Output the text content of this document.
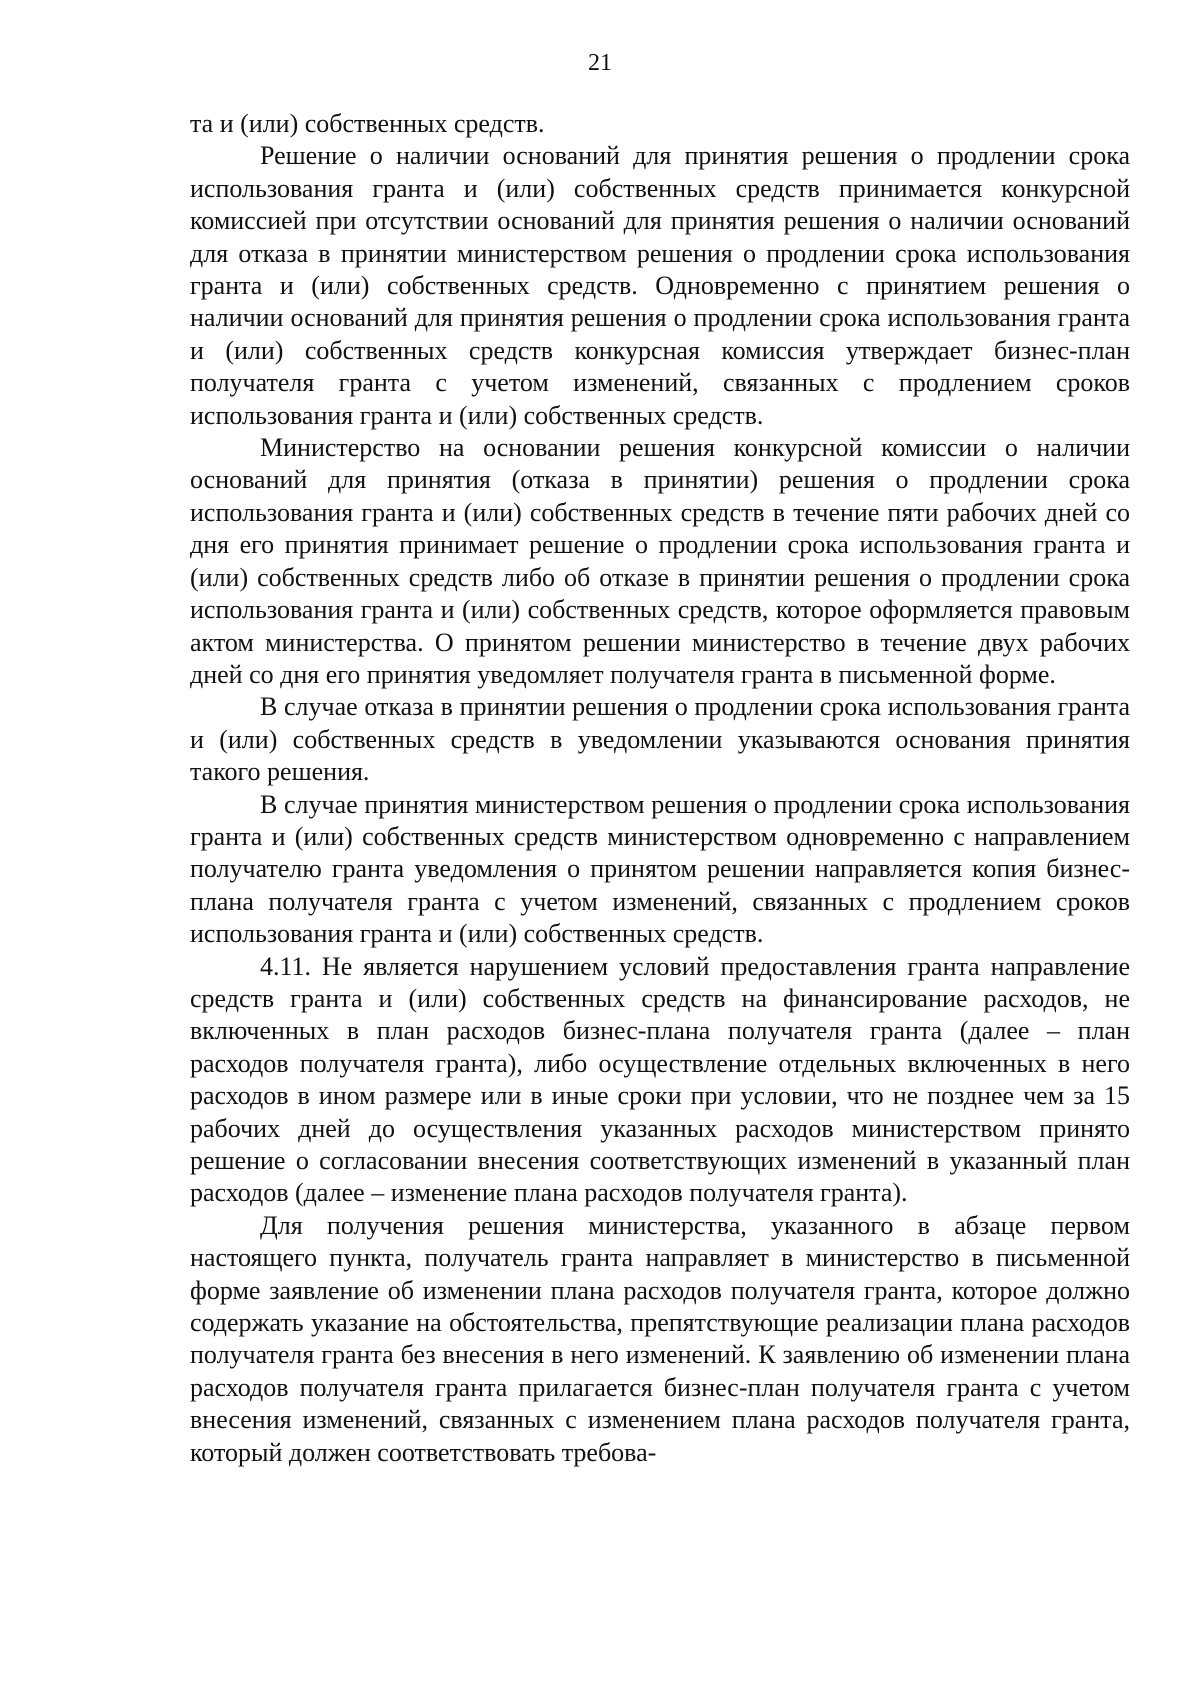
21

та и (или) собственных средств.

Решение о наличии оснований для принятия решения о продлении срока использования гранта и (или) собственных средств принимается конкурсной комиссией при отсутствии оснований для принятия решения о наличии оснований для отказа в принятии министерством решения о продлении срока использования гранта и (или) собственных средств. Одновременно с принятием решения о наличии оснований для принятия решения о продлении срока использования гранта и (или) собственных средств конкурсная комиссия утверждает бизнес-план получателя гранта с учетом изменений, связанных с продлением сроков использования гранта и (или) собственных средств.

Министерство на основании решения конкурсной комиссии о наличии оснований для принятия (отказа в принятии) решения о продлении срока использования гранта и (или) собственных средств в течение пяти рабочих дней со дня его принятия принимает решение о продлении срока использования гранта и (или) собственных средств либо об отказе в принятии решения о продлении срока использования гранта и (или) собственных средств, которое оформляется правовым актом министерства. О принятом решении министерство в течение двух рабочих дней со дня его принятия уведомляет получателя гранта в письменной форме.

В случае отказа в принятии решения о продлении срока использования гранта и (или) собственных средств в уведомлении указываются основания принятия такого решения.

В случае принятия министерством решения о продлении срока использования гранта и (или) собственных средств министерством одновременно с направлением получателю гранта уведомления о принятом решении направляется копия бизнес-плана получателя гранта с учетом изменений, связанных с продлением сроков использования гранта и (или) собственных средств.

4.11. Не является нарушением условий предоставления гранта направление средств гранта и (или) собственных средств на финансирование расходов, не включенных в план расходов бизнес-плана получателя гранта (далее – план расходов получателя гранта), либо осуществление отдельных включенных в него расходов в ином размере или в иные сроки при условии, что не позднее чем за 15 рабочих дней до осуществления указанных расходов министерством принято решение о согласовании внесения соответствующих изменений в указанный план расходов (далее – изменение плана расходов получателя гранта).

Для получения решения министерства, указанного в абзаце первом настоящего пункта, получатель гранта направляет в министерство в письменной форме заявление об изменении плана расходов получателя гранта, которое должно содержать указание на обстоятельства, препятствующие реализации плана расходов получателя гранта без внесения в него изменений. К заявлению об изменении плана расходов получателя гранта прилагается бизнес-план получателя гранта с учетом внесения изменений, связанных с изменением плана расходов получателя гранта, который должен соответствовать требова-
